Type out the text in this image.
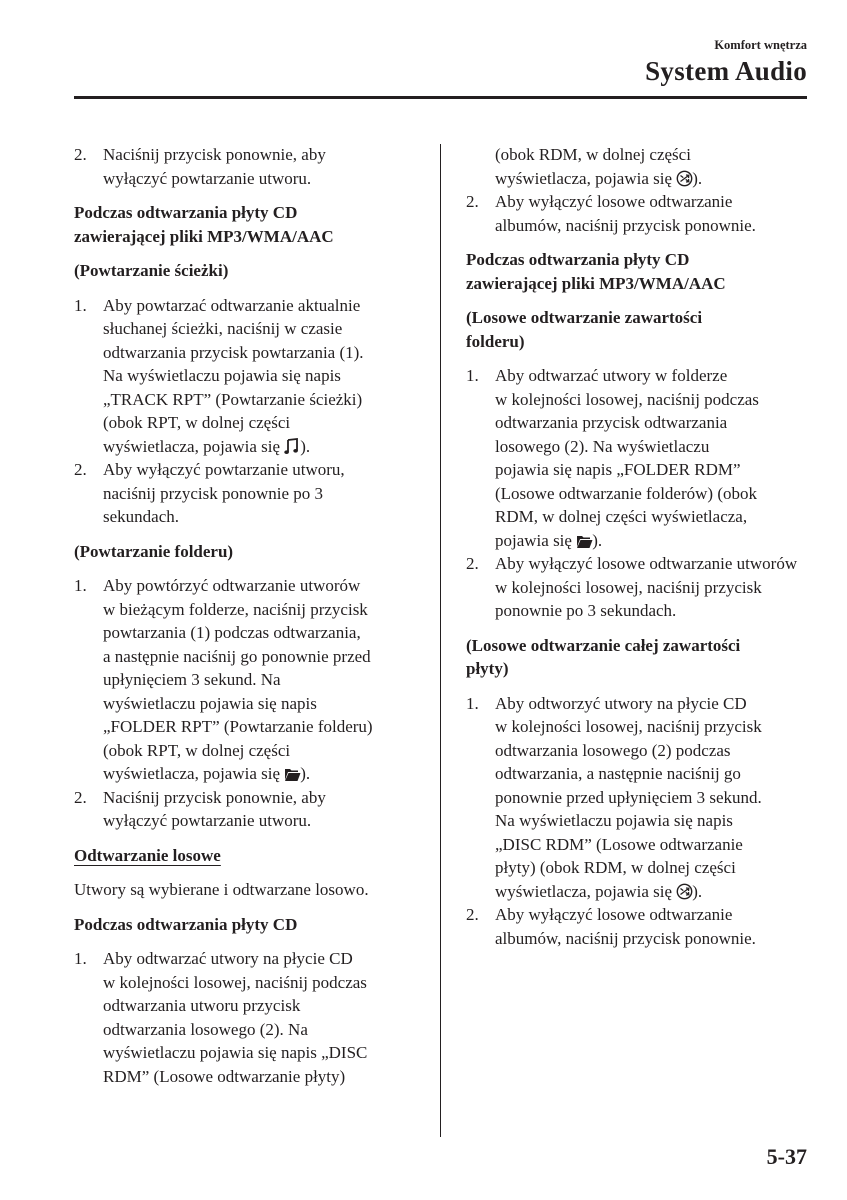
Komfort wnętrza
System Audio
2. Naciśnij przycisk ponownie, aby
wyłączyć powtarzanie utworu.
Podczas odtwarzania płyty CD
zawierającej pliki MP3/WMA/AAC
(Powtarzanie ścieżki)
1. Aby powtarzać odtwarzanie aktualnie
słuchanej ścieżki, naciśnij w czasie
odtwarzania przycisk powtarzania (1).
Na wyświetlaczu pojawia się napis
„TRACK RPT” (Powtarzanie ścieżki)
(obok RPT, w dolnej części
wyświetlacza, pojawia się ).
2. Aby wyłączyć powtarzanie utworu,
naciśnij przycisk ponownie po 3
sekundach.
(Powtarzanie folderu)
1. Aby powtórzyć odtwarzanie utworów
w bieżącym folderze, naciśnij przycisk
powtarzania (1) podczas odtwarzania,
a następnie naciśnij go ponownie przed
upłynięciem 3 sekund. Na
wyświetlaczu pojawia się napis
„FOLDER RPT” (Powtarzanie folderu)
(obok RPT, w dolnej części
wyświetlacza, pojawia się ).
2. Naciśnij przycisk ponownie, aby
wyłączyć powtarzanie utworu.
Odtwarzanie losowe
Utwory są wybierane i odtwarzane losowo.
Podczas odtwarzania płyty CD
1. Aby odtwarzać utwory na płycie CD
w kolejności losowej, naciśnij podczas
odtwarzania utworu przycisk
odtwarzania losowego (2). Na
wyświetlaczu pojawia się napis „DISC
RDM” (Losowe odtwarzanie płyty)
(obok RDM, w dolnej części
wyświetlacza, pojawia się ).
2. Aby wyłączyć losowe odtwarzanie
albumów, naciśnij przycisk ponownie.
Podczas odtwarzania płyty CD
zawierającej pliki MP3/WMA/AAC
(Losowe odtwarzanie zawartości
folderu)
1. Aby odtwarzać utwory w folderze
w kolejności losowej, naciśnij podczas
odtwarzania przycisk odtwarzania
losowego (2). Na wyświetlaczu
pojawia się napis „FOLDER RDM”
(Losowe odtwarzanie folderów) (obok
RDM, w dolnej części wyświetlacza,
pojawia się ).
2. Aby wyłączyć losowe odtwarzanie utworów
w kolejności losowej, naciśnij przycisk
ponownie po 3 sekundach.
(Losowe odtwarzanie całej zawartości
płyty)
1. Aby odtworzyć utwory na płycie CD
w kolejności losowej, naciśnij przycisk
odtwarzania losowego (2) podczas
odtwarzania, a następnie naciśnij go
ponownie przed upłynięciem 3 sekund.
Na wyświetlaczu pojawia się napis
„DISC RDM” (Losowe odtwarzanie
płyty) (obok RDM, w dolnej części
wyświetlacza, pojawia się ).
2. Aby wyłączyć losowe odtwarzanie
albumów, naciśnij przycisk ponownie.
5-37
